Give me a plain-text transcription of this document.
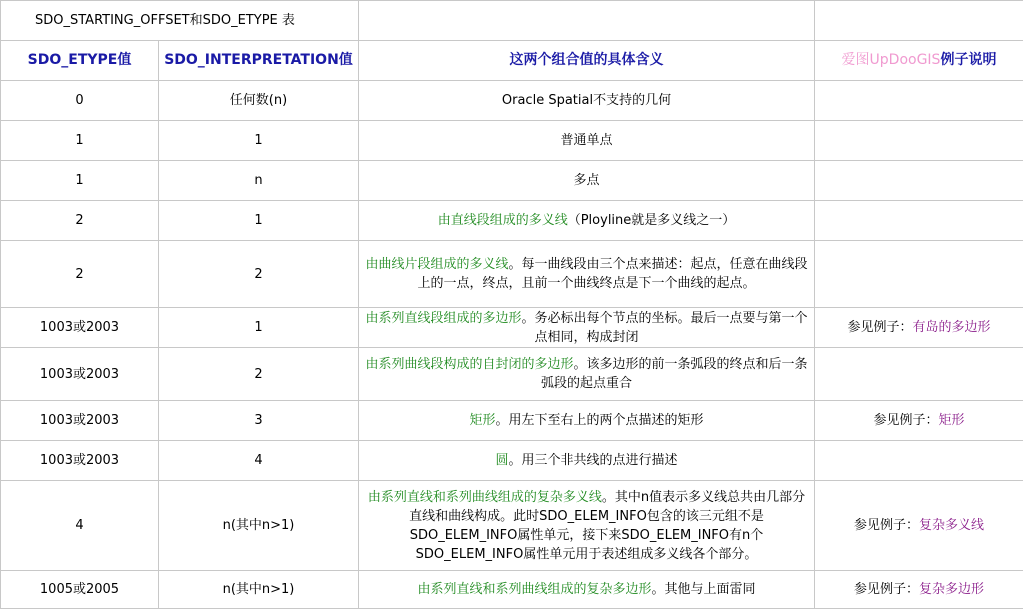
SDO_STARTING_OFFSET和SDO_ETYPE 表			
SDO_ETYPE值	SDO_INTERPRETATION值	这两个组合值的具体含义	爱图UpDooGIS例子说明
0	任何数(n)	Oracle Spatial不支持的几何	
1	1	普通单点	
1	n	多点	
2	1	由直线段组成的多义线（Ployline就是多义线之一）	
2	2	由曲线片段组成的多义线。每一曲线段由三个点来描述：起点，任意在曲线段上的一点，终点，且前一个曲线终点是下一个曲线的起点。	
1003或2003	1	由系列直线段组成的多边形。务必标出每个节点的坐标。最后一点要与第一个点相同，构成封闭	参见例子：有岛的多边形
1003或2003	2	由系列曲线段构成的自封闭的多边形。该多边形的前一条弧段的终点和后一条弧段的起点重合	
1003或2003	3	矩形。用左下至右上的两个点描述的矩形	参见例子：矩形
1003或2003	4	圆。用三个非共线的点进行描述	
4	n(其中n>1)	由系列直线和系列曲线组成的复杂多义线。其中n值表示多义线总共由几部分直线和曲线构成。此时SDO_ELEM_INFO包含的该三元组不是SDO_ELEM_INFO属性单元，接下来SDO_ELEM_INFO有n个SDO_ELEM_INFO属性单元用于表述组成多义线各个部分。	参见例子：复杂多义线
1005或2005	n(其中n>1)	由系列直线和系列曲线组成的复杂多边形。其他与上面雷同	参见例子：复杂多边形
